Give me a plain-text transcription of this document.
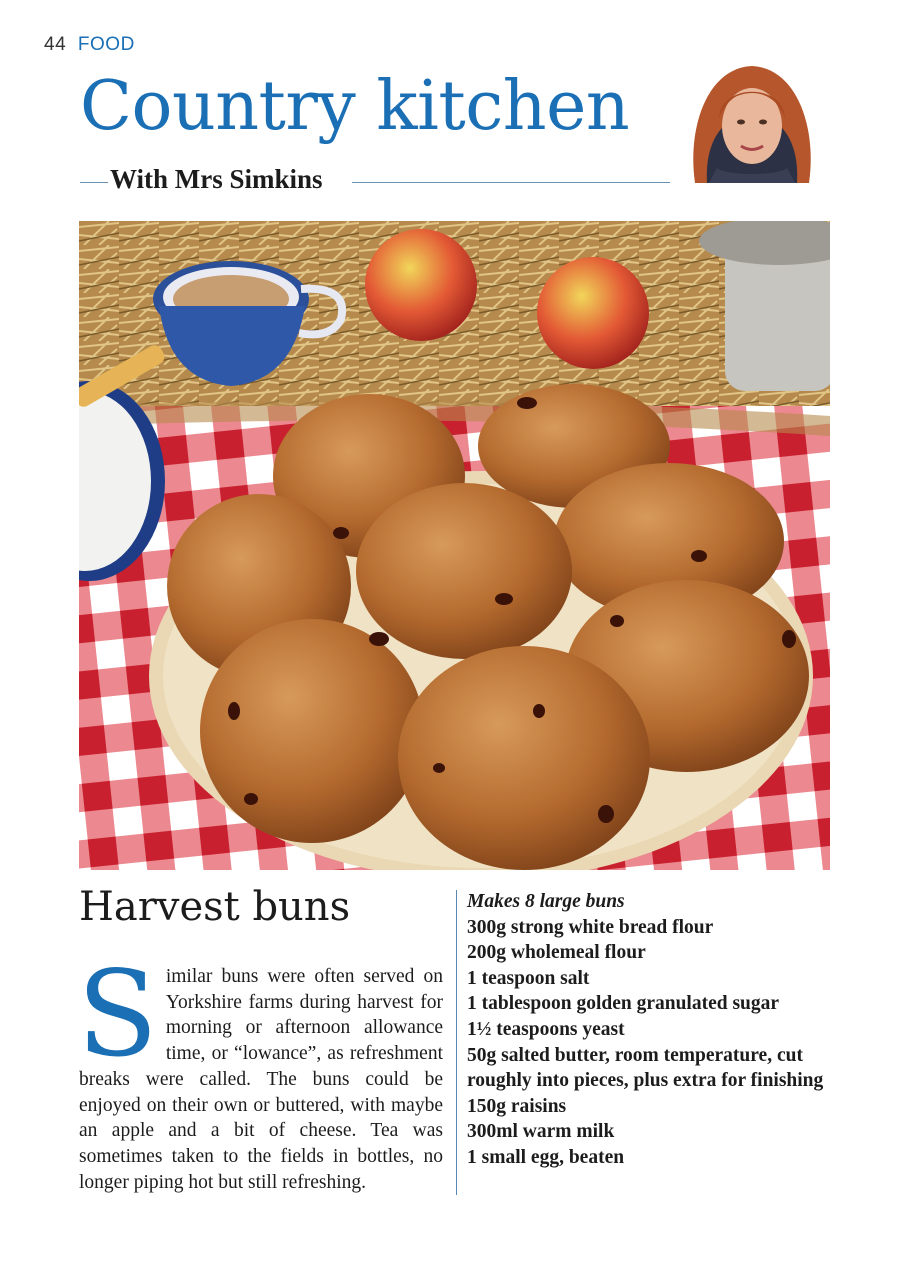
44 FOOD
Country kitchen
With Mrs Simkins
Harvest buns

Similar buns were often served on Yorkshire farms during harvest for morning or afternoon allowance time, or “lowance”, as refreshment breaks were called. The buns could be enjoyed on their own or buttered, with maybe an apple and a bit of cheese. Tea was sometimes taken to the fields in bottles, no longer piping hot but still refreshing.

Makes 8 large buns
300g strong white bread flour
200g wholemeal flour
1 teaspoon salt
1 tablespoon golden granulated sugar
1½ teaspoons yeast
50g salted butter, room temperature, cut roughly into pieces, plus extra for finishing
150g raisins
300ml warm milk
1 small egg, beaten
